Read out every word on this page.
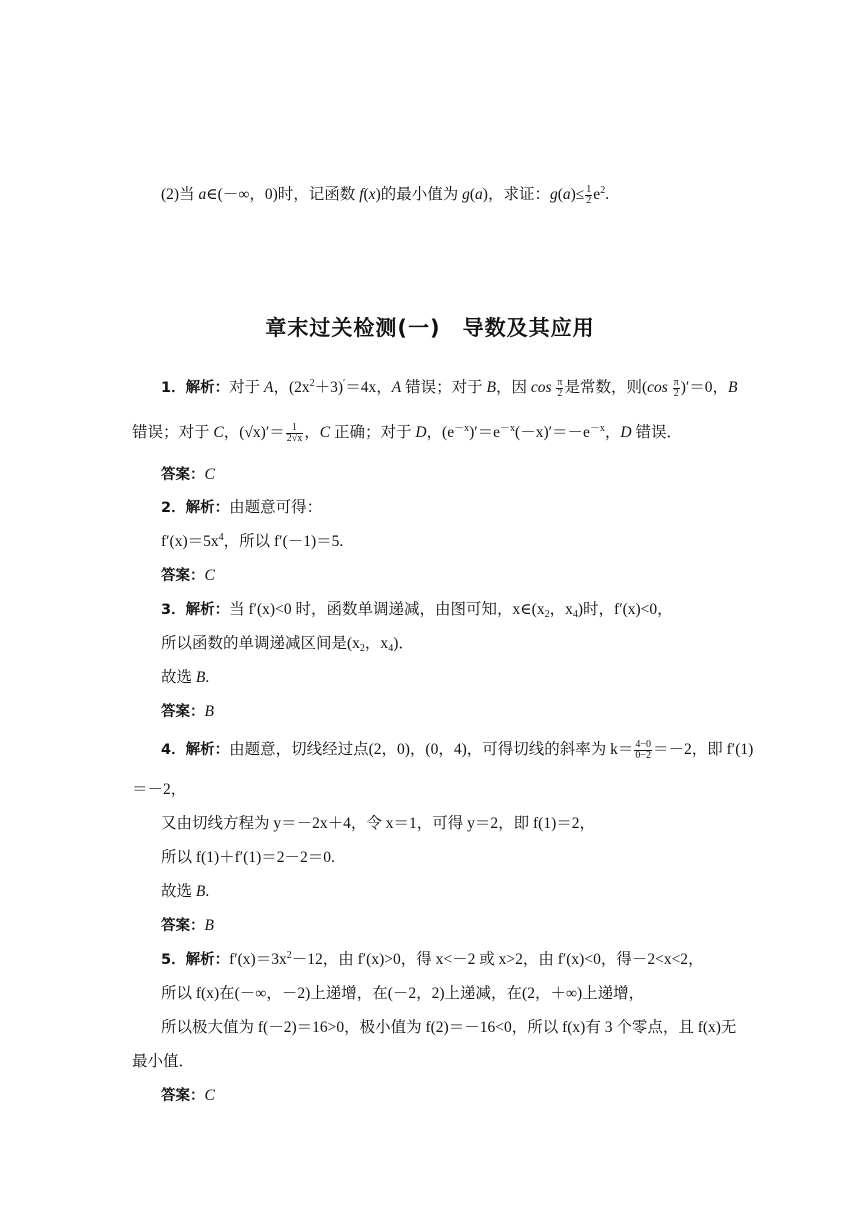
(2)当 a∈(－∞，0)时，记函数 f(x)的最小值为 g(a)，求证：$g(a)\le \frac{1}{2} e^2$.
章末过关检测(一)　导数及其应用
1．解析：对于 A，$(2x^2+3)'=4x$，A 错误；对于 B，因 $\cos \frac{\pi}{2}$ 是常数，则$(\cos \frac{\pi}{2} )'=0$，B
错误；对于 C，$(√x)'= \frac{1}{2√x}$ ，C 正确；对于 D，$(e^{-x})'=e^{-x}(-x)'=-e^{-x}$，D 错误．
答案：C
2．解析：由题意可得：
$f'(x)=5x^4$，所以 f′(－1)＝5.
答案：C
3．解析：当 f′(x)<0 时，函数单调递减，由图可知，$x\in(x_2$，$x_4$)时，f′(x)<0，
所以函数的单调递减区间是($x_2$，$x_4$)．
故选 B.
答案：B
4．解析：由题意，切线经过点(2，0)，(0，4)，可得切线的斜率为 $k= \frac{4-0}{0-2} =-2$，即 f′(1)
＝－2，
又由切线方程为 y＝－2x＋4，令 x＝1，可得 y＝2，即 f(1)＝2，
所以 f(1)＋f′(1)＝2－2＝0.
故选 B.
答案：B
5．解析：$f'(x)=3x^2-12$，由 f′(x)>0，得 x<－2 或 x>2，由 f′(x)<0，得－2<x<2，
所以 f(x)在(－∞，－2)上递增，在(－2，2)上递减，在(2，＋∞)上递增，
所以极大值为 f(－2)＝16>0，极小值为 f(2)＝－16<0，所以 f(x)有 3 个零点，且 f(x)无
最小值．
答案：C
